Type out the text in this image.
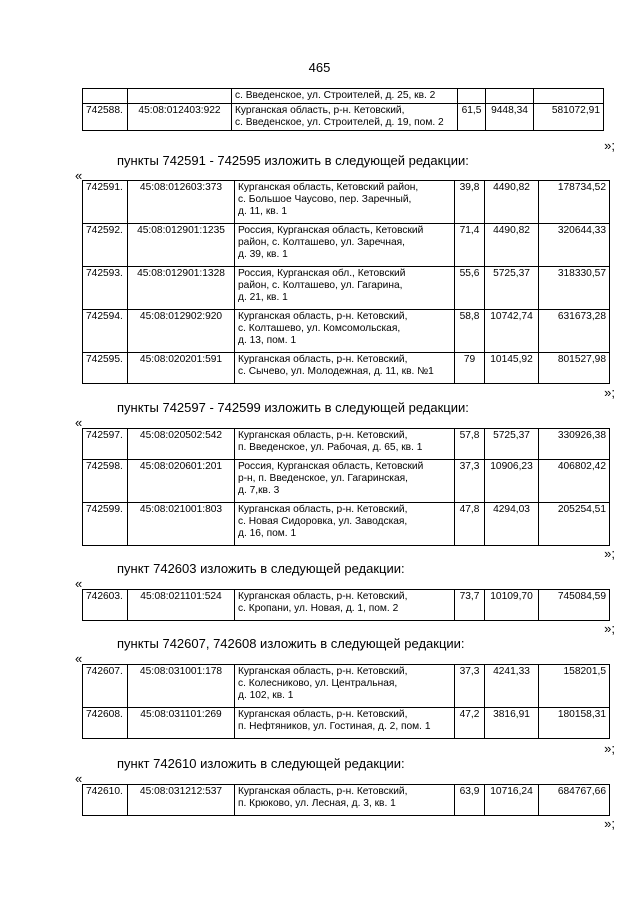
465
		с. Введенское, ул. Строителей, д. 25, кв. 2			
742588.	45:08:012403:922	Курганская область, р-н. Кетовский,
с. Введенское, ул. Строителей, д. 19, пом. 2	61,5	9448,34	581072,91
»;
пункты 742591 - 742595 изложить в следующей редакции:
«
742591.	45:08:012603:373	Курганская область, Кетовский район,
с. Большое Чаусово, пер. Заречный,
д. 11, кв. 1	39,8	4490,82	178734,52
742592.	45:08:012901:1235	Россия, Курганская область, Кетовский
район, с. Колташево, ул. Заречная,
д. 39, кв. 1	71,4	4490,82	320644,33
742593.	45:08:012901:1328	Россия, Курганская обл., Кетовский
район, с. Колташево, ул. Гагарина,
д. 21, кв. 1	55,6	5725,37	318330,57
742594.	45:08:012902:920	Курганская область, р-н. Кетовский,
с. Колташево, ул. Комсомольская,
д. 13, пом. 1	58,8	10742,74	631673,28
742595.	45:08:020201:591	Курганская область, р-н. Кетовский,
с. Сычево, ул. Молодежная, д. 11, кв. №1	79	10145,92	801527,98
»;
пункты 742597 - 742599 изложить в следующей редакции:
«
742597.	45:08:020502:542	Курганская область, р-н. Кетовский,
п. Введенское, ул. Рабочая, д. 65, кв. 1	57,8	5725,37	330926,38
742598.	45:08:020601:201	Россия, Курганская область, Кетовский
р-н, п. Введенское, ул. Гагаринская,
д. 7,кв. 3	37,3	10906,23	406802,42
742599.	45:08:021001:803	Курганская область, р-н. Кетовский,
с. Новая Сидоровка, ул. Заводская,
д. 16, пом. 1	47,8	4294,03	205254,51
»;
пункт 742603 изложить в следующей редакции:
«
742603.	45:08:021101:524	Курганская область, р-н. Кетовский,
с. Кропани, ул. Новая, д. 1, пом. 2	73,7	10109,70	745084,59
»;
пункты 742607, 742608 изложить в следующей редакции:
«
742607.	45:08:031001:178	Курганская область, р-н. Кетовский,
с. Колесниково, ул. Центральная,
д. 102, кв. 1	37,3	4241,33	158201,5
742608.	45:08:031101:269	Курганская область, р-н. Кетовский,
п. Нефтяников, ул. Гостиная, д. 2, пом. 1	47,2	3816,91	180158,31
»;
пункт 742610 изложить в следующей редакции:
«
742610.	45:08:031212:537	Курганская область, р-н. Кетовский,
п. Крюково, ул. Лесная, д. 3, кв. 1	63,9	10716,24	684767,66
»;
